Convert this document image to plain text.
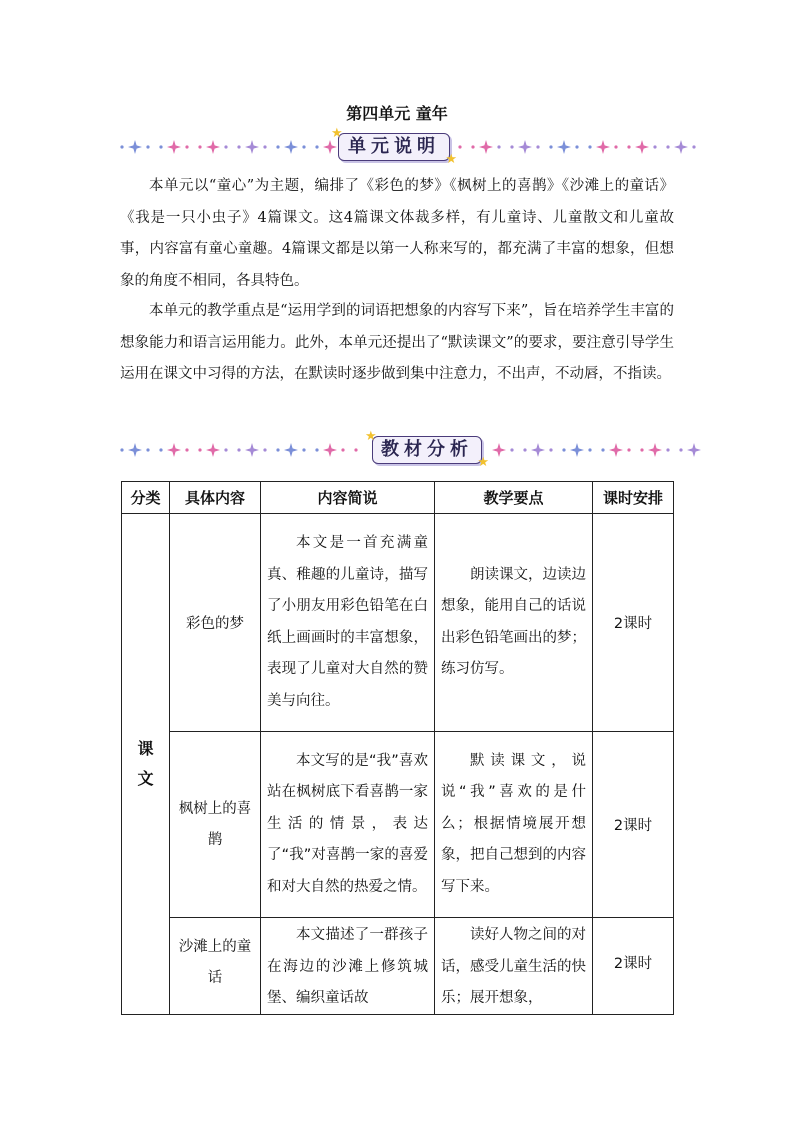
第四单元 童年
单元说明
★
★

本单元以“童心”为主题，编排了《彩色的梦》《枫树上的喜鹊》《沙滩上的童话》《我是一只小虫子》4篇课文。这4篇课文体裁多样，有儿童诗、儿童散文和儿童故事，内容富有童心童趣。4篇课文都是以第一人称来写的，都充满了丰富的想象，但想象的角度不相同，各具特色。

本单元的教学重点是“运用学到的词语把想象的内容写下来”，旨在培养学生丰富的想象能力和语言运用能力。此外，本单元还提出了“默读课文”的要求，要注意引导学生运用在课文中习得的方法，在默读时逐步做到集中注意力，不出声，不动唇，不指读。

教材分析
★
★
分类	具体内容	内容简说	教学要点	课时安排

课文	彩色的梦	本文是一首充满童真、稚趣的儿童诗，描写了小朋友用彩色铅笔在白纸上画画时的丰富想象，表现了儿童对大自然的赞美与向往。	朗读课文，边读边想象，能用自己的话说出彩色铅笔画出的梦；练习仿写。	2课时

	枫树上的喜鹊	本文写的是“我”喜欢站在枫树底下看喜鹊一家生活的情景，表达了“我”对喜鹊一家的喜爱和对大自然的热爱之情。	默读课文，说说“我”喜欢的是什么；根据情境展开想象，把自己想到的内容写下来。	2课时

	沙滩上的童话	本文描述了一群孩子在海边的沙滩上修筑城堡、编织童话故	读好人物之间的对话，感受儿童生活的快乐；展开想象，	2课时
